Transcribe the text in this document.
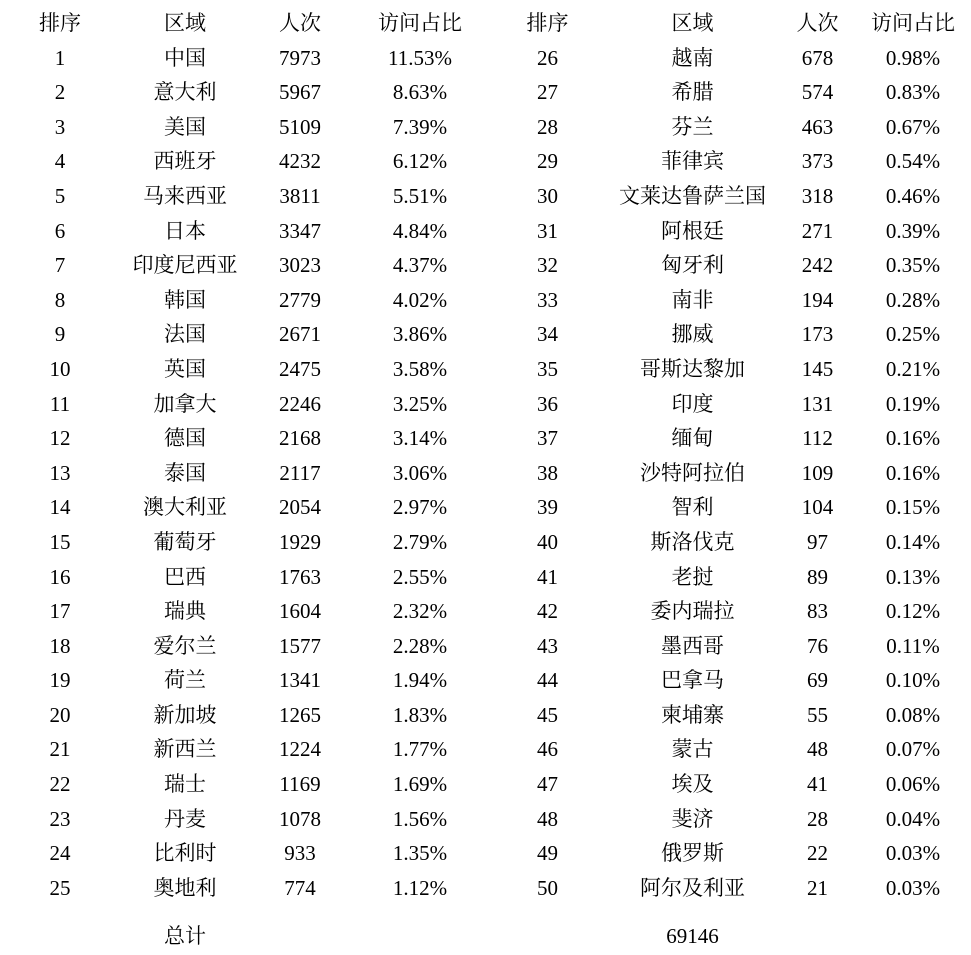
排序	区域	人次	访问占比
1	中国	7973	11.53%
2	意大利	5967	8.63%
3	美国	5109	7.39%
4	西班牙	4232	6.12%
5	马来西亚	3811	5.51%
6	日本	3347	4.84%
7	印度尼西亚	3023	4.37%
8	韩国	2779	4.02%
9	法国	2671	3.86%
10	英国	2475	3.58%
11	加拿大	2246	3.25%
12	德国	2168	3.14%
13	泰国	2117	3.06%
14	澳大利亚	2054	2.97%
15	葡萄牙	1929	2.79%
16	巴西	1763	2.55%
17	瑞典	1604	2.32%
18	爱尔兰	1577	2.28%
19	荷兰	1341	1.94%
20	新加坡	1265	1.83%
21	新西兰	1224	1.77%
22	瑞士	1169	1.69%
23	丹麦	1078	1.56%
24	比利时	933	1.35%
25	奥地利	774	1.12%
排序	区域	人次	访问占比
26	越南	678	0.98%
27	希腊	574	0.83%
28	芬兰	463	0.67%
29	菲律宾	373	0.54%
30	文莱达鲁萨兰国	318	0.46%
31	阿根廷	271	0.39%
32	匈牙利	242	0.35%
33	南非	194	0.28%
34	挪威	173	0.25%
35	哥斯达黎加	145	0.21%
36	印度	131	0.19%
37	缅甸	112	0.16%
38	沙特阿拉伯	109	0.16%
39	智利	104	0.15%
40	斯洛伐克	97	0.14%
41	老挝	89	0.13%
42	委内瑞拉	83	0.12%
43	墨西哥	76	0.11%
44	巴拿马	69	0.10%
45	柬埔寨	55	0.08%
46	蒙古	48	0.07%
47	埃及	41	0.06%
48	斐济	28	0.04%
49	俄罗斯	22	0.03%
50	阿尔及利亚	21	0.03%
总计	69146
